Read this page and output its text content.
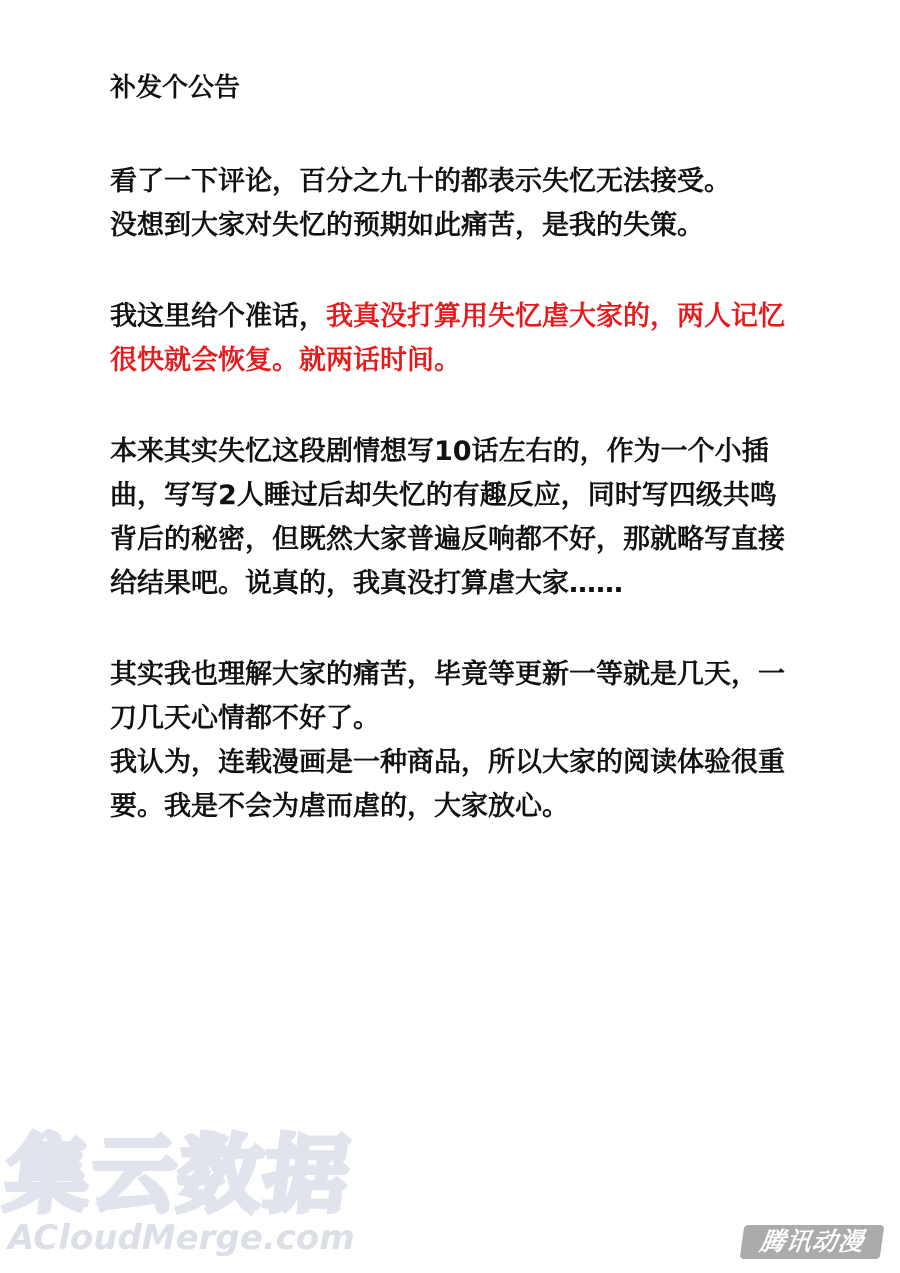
补发个公告
看了一下评论，百分之九十的都表示失忆无法接受。
没想到大家对失忆的预期如此痛苦，是我的失策。
我这里给个准话，我真没打算用失忆虐大家的，两人记忆
很快就会恢复。就两话时间。
本来其实失忆这段剧情想写10话左右的，作为一个小插
曲，写写2人睡过后却失忆的有趣反应，同时写四级共鸣
背后的秘密，但既然大家普遍反响都不好，那就略写直接
给结果吧。说真的，我真没打算虐大家……
其实我也理解大家的痛苦，毕竟等更新一等就是几天，一
刀几天心情都不好了。
我认为，连载漫画是一种商品，所以大家的阅读体验很重
要。我是不会为虐而虐的，大家放心。
集云数据
ACloudMerge.com	腾讯动漫
